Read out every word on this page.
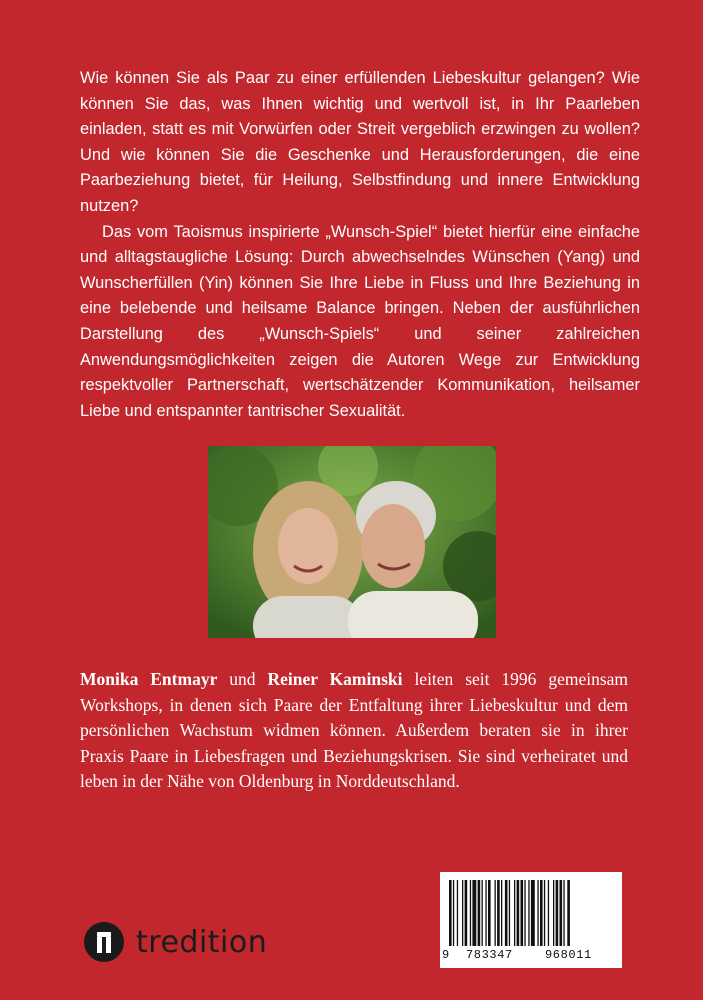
Wie können Sie als Paar zu einer erfüllenden Liebeskultur gelangen? Wie können Sie das, was Ihnen wichtig und wertvoll ist, in Ihr Paarleben einladen, statt es mit Vorwürfen oder Streit vergeblich erzwingen zu wollen? Und wie können Sie die Geschenke und Herausforderungen, die eine Paarbeziehung bietet, für Heilung, Selbstfindung und innere Entwicklung nutzen?

Das vom Taoismus inspirierte „Wunsch-Spiel“ bietet hierfür eine einfache und alltagstaugliche Lösung: Durch abwechselndes Wünschen (Yang) und Wunscherfüllen (Yin) können Sie Ihre Liebe in Fluss und Ihre Beziehung in eine belebende und heilsame Balance bringen. Neben der ausführlichen Darstellung des „Wunsch-Spiels“ und seiner zahlreichen Anwendungsmöglichkeiten zeigen die Autoren Wege zur Entwicklung respektvoller Partnerschaft, wertschätzender Kommunikation, heilsamer Liebe und entspannter tantrischer Sexualität.

Monika Entmayr und Reiner Kaminski leiten seit 1996 gemeinsam Workshops, in denen sich Paare der Entfaltung ihrer Liebeskultur und dem persönlichen Wachstum widmen können. Außerdem beraten sie in ihrer Praxis Paare in Liebesfragen und Beziehungskrisen. Sie sind verheiratet und leben in der Nähe von Oldenburg in Norddeutschland.

tredition	9 783347	968011
